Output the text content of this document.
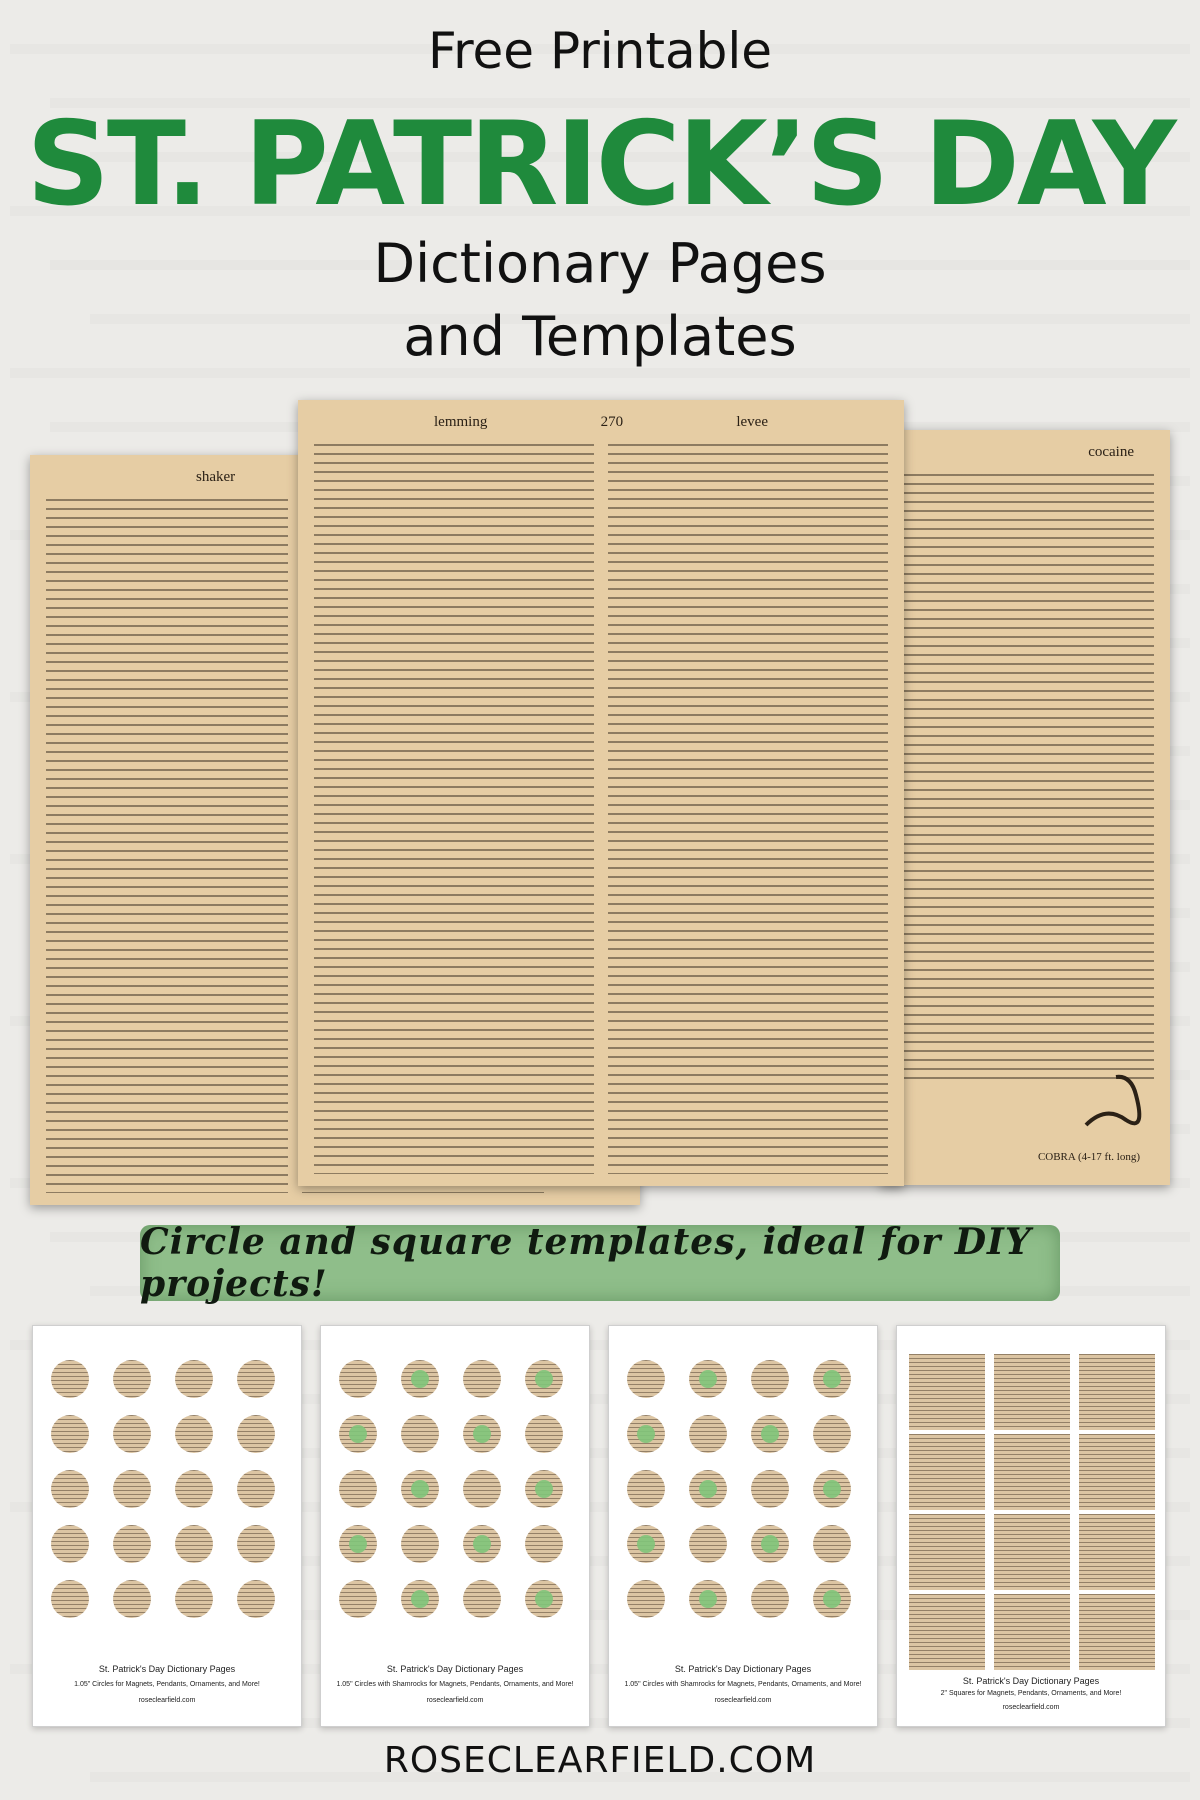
Free Printable
ST. PATRICK’S DAY
Dictionary Pages
and Templates
shaker
cocaine
COBRA (4-17 ft. long)
lemming	270	levee
Circle and square templates, ideal for DIY projects!
St. Patrick's Day Dictionary Pages
1.05" Circles for Magnets, Pendants, Ornaments, and More!
roseclearfield.com
St. Patrick's Day Dictionary Pages
1.05" Circles with Shamrocks for Magnets, Pendants, Ornaments, and More!
roseclearfield.com
St. Patrick's Day Dictionary Pages
1.05" Circles with Shamrocks for Magnets, Pendants, Ornaments, and More!
roseclearfield.com
St. Patrick's Day Dictionary Pages
2" Squares for Magnets, Pendants, Ornaments, and More!
roseclearfield.com
ROSECLEARFIELD.COM
